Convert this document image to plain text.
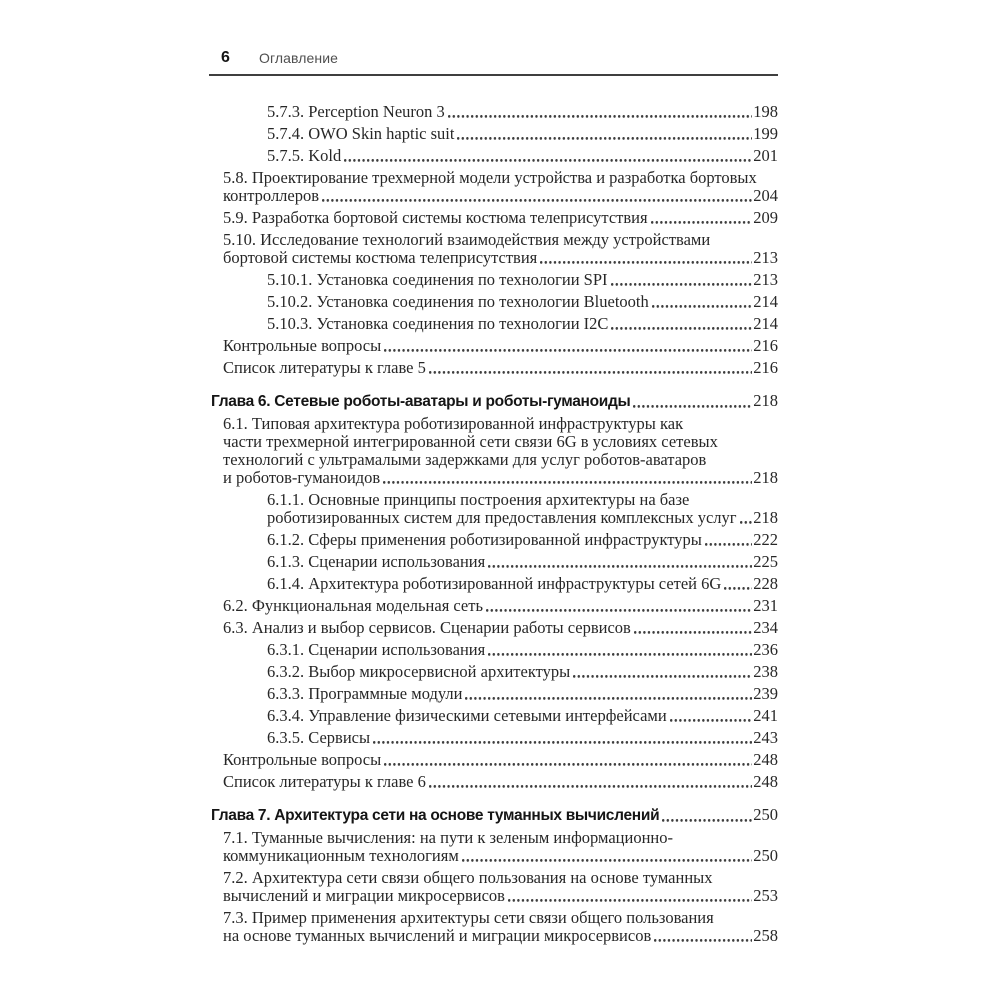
6 Оглавление
5.7.3. Perception Neuron 3	198
5.7.4. OWO Skin haptic suit	199
5.7.5. Kold	201
5.8. Проектирование трехмерной модели устройства и разработка бортовых
контроллеров	204
5.9. Разработка бортовой системы костюма телеприсутствия	209
5.10. Исследование технологий взаимодействия между устройствами
бортовой системы костюма телеприсутствия	213
5.10.1. Установка соединения по технологии SPI	213
5.10.2. Установка соединения по технологии Bluetooth	214
5.10.3. Установка соединения по технологии I2C	214
Контрольные вопросы	216
Список литературы к главе 5	216
Глава 6. Сетевые роботы-аватары и роботы-гуманоиды	218
6.1. Типовая архитектура роботизированной инфраструктуры как
части трехмерной интегрированной сети связи 6G в условиях сетевых
технологий с ультрамалыми задержками для услуг роботов-аватаров
и роботов-гуманоидов	218
6.1.1. Основные принципы построения архитектуры на базе
роботизированных систем для предоставления комплексных услуг 218
6.1.2. Сферы применения роботизированной инфраструктуры	222
6.1.3. Сценарии использования	225
6.1.4. Архитектура роботизированной инфраструктуры сетей 6G 228
6.2. Функциональная модельная сеть	231
6.3. Анализ и выбор сервисов. Сценарии работы сервисов	234
6.3.1. Сценарии использования	236
6.3.2. Выбор микросервисной архитектуры	238
6.3.3. Программные модули	239
6.3.4. Управление физическими сетевыми интерфейсами	241
6.3.5. Сервисы	243
Контрольные вопросы	248
Список литературы к главе 6	248
Глава 7. Архитектура сети на основе туманных вычислений	250
7.1. Туманные вычисления: на пути к зеленым информационно-
коммуникационным технологиям	250
7.2. Архитектура сети связи общего пользования на основе туманных
вычислений и миграции микросервисов	253
7.3. Пример применения архитектуры сети связи общего пользования
на основе туманных вычислений и миграции микросервисов	258
